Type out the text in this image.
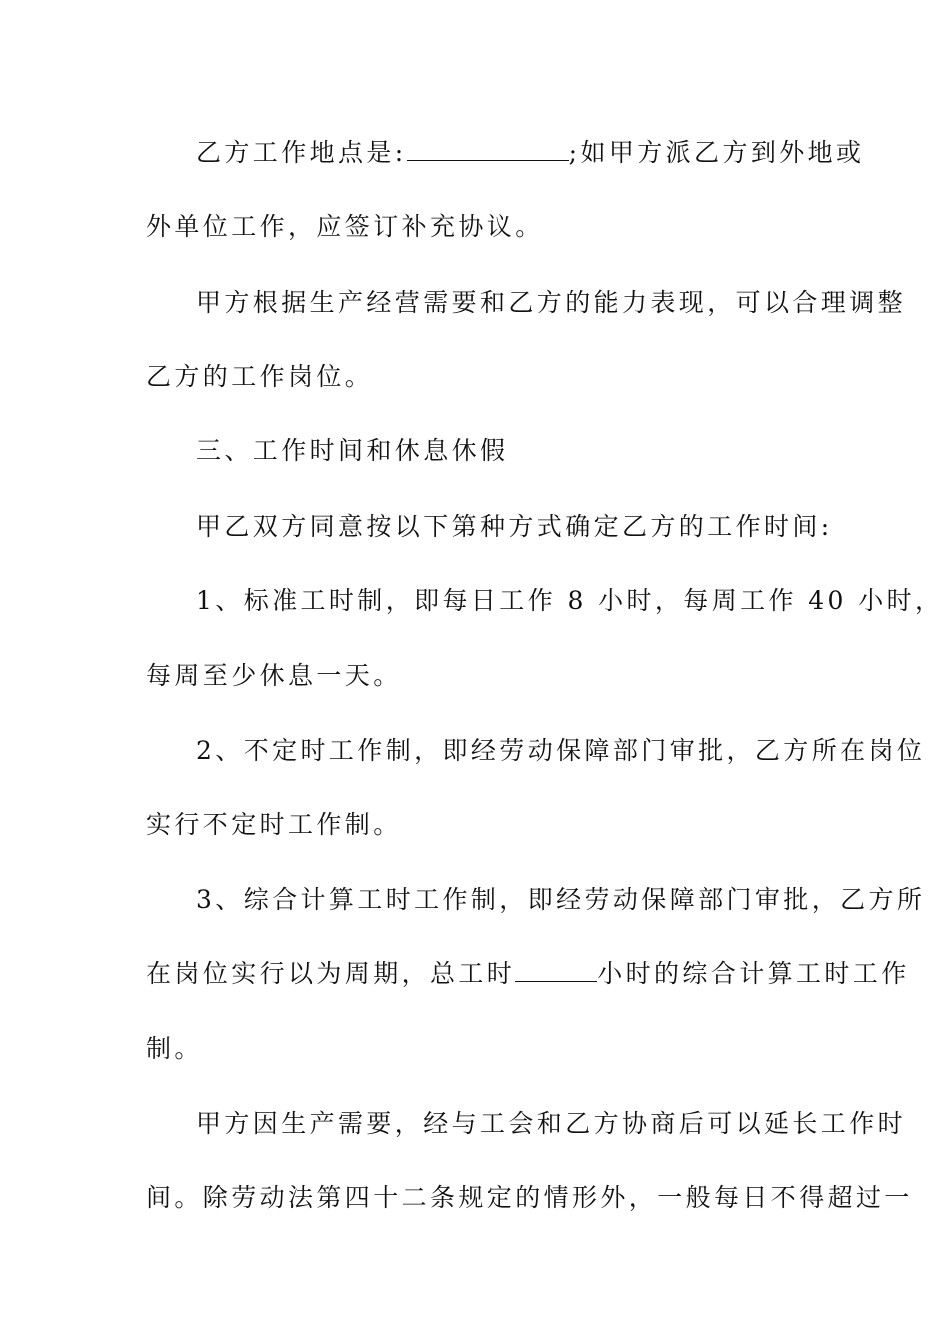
乙方工作地点是:	;如甲方派乙方到外地或
外单位工作，应签订补充协议。
甲方根据生产经营需要和乙方的能力表现，可以合理调整
乙方的工作岗位。
三、工作时间和休息休假
甲乙双方同意按以下第种方式确定乙方的工作时间:
1、标准工时制，即每日工作 8 小时，每周工作 40 小时，
每周至少休息一天。
2、不定时工作制，即经劳动保障部门审批，乙方所在岗位
实行不定时工作制。
3、综合计算工时工作制，即经劳动保障部门审批，乙方所
在岗位实行以为周期，总工时	小时的综合计算工时工作
制。
甲方因生产需要，经与工会和乙方协商后可以延长工作时
间。除劳动法第四十二条规定的情形外，一般每日不得超过一
